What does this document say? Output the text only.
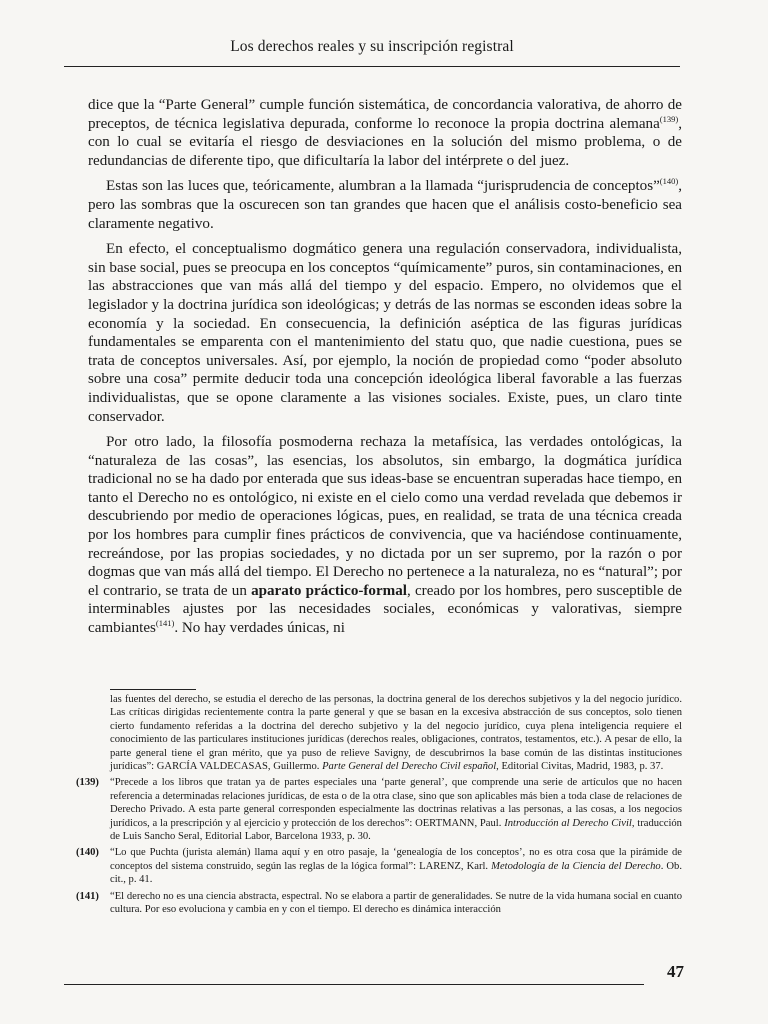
Los derechos reales y su inscripción registral

dice que la “Parte General” cumple función sistemática, de concordancia valorativa, de ahorro de preceptos, de técnica legislativa depurada, conforme lo reconoce la propia doctrina alemana$^{(139)}$, con lo cual se evitaría el riesgo de desviaciones en la solución del mismo problema, o de redundancias de diferente tipo, que dificultaría la labor del intérprete o del juez.

Estas son las luces que, teóricamente, alumbran a la llamada “jurisprudencia de conceptos”$^{(140)}$, pero las sombras que la oscurecen son tan grandes que hacen que el análisis costo-beneficio sea claramente negativo.

En efecto, el conceptualismo dogmático genera una regulación conservadora, individualista, sin base social, pues se preocupa en los conceptos “químicamente” puros, sin contaminaciones, en las abstracciones que van más allá del tiempo y del espacio. Empero, no olvidemos que el legislador y la doctrina jurídica son ideológicas; y detrás de las normas se esconden ideas sobre la economía y la sociedad. En consecuencia, la definición aséptica de las figuras jurídicas fundamentales se emparenta con el mantenimiento del statu quo, que nadie cuestiona, pues se trata de conceptos universales. Así, por ejemplo, la noción de propiedad como “poder absoluto sobre una cosa” permite deducir toda una concepción ideológica liberal favorable a las fuerzas individualistas, que se opone claramente a las visiones sociales. Existe, pues, un claro tinte conservador.

Por otro lado, la filosofía posmoderna rechaza la metafísica, las verdades ontológicas, la “naturaleza de las cosas”, las esencias, los absolutos, sin embargo, la dogmática jurídica tradicional no se ha dado por enterada que sus ideas-base se encuentran superadas hace tiempo, en tanto el Derecho no es ontológico, ni existe en el cielo como una verdad revelada que debemos ir descubriendo por medio de operaciones lógicas, pues, en realidad, se trata de una técnica creada por los hombres para cumplir fines prácticos de convivencia, que va haciéndose continuamente, recreándose, por las propias sociedades, y no dictada por un ser supremo, por la razón o por dogmas que van más allá del tiempo. El Derecho no pertenece a la naturaleza, no es “natural”; por el contrario, se trata de un aparato práctico-formal, creado por los hombres, pero susceptible de interminables ajustes por las necesidades sociales, económicas y valorativas, siempre cambiantes$^{(141)}$. No hay verdades únicas, ni

las fuentes del derecho, se estudia el derecho de las personas, la doctrina general de los derechos subjetivos y la del negocio jurídico. Las críticas dirigidas recientemente contra la parte general y que se basan en la excesiva abstracción de sus conceptos, solo tienen cierto fundamento referidas a la doctrina del derecho subjetivo y la del negocio jurídico, cuya plena inteligencia requiere el conocimiento de las particulares instituciones jurídicas (derechos reales, obligaciones, contratos, testamentos, etc.). A pesar de ello, la parte general tiene el gran mérito, que ya puso de relieve Savigny, de descubrirnos la base común de las distintas instituciones jurídicas”: GARCÍA VALDECASAS, Guillermo. Parte General del Derecho Civil español, Editorial Civitas, Madrid, 1983, p. 37.
(139)	“Precede a los libros que tratan ya de partes especiales una ‘parte general’, que comprende una serie de artículos que no hacen referencia a determinadas relaciones jurídicas, de esta o de la otra clase, sino que son aplicables más bien a toda clase de relaciones de Derecho Privado. A esta parte general corresponden especialmente las doctrinas relativas a las personas, a las cosas, a los negocios jurídicos, a la prescripción y al ejercicio y protección de los derechos”: OERTMANN, Paul. Introducción al Derecho Civil, traducción de Luis Sancho Seral, Editorial Labor, Barcelona 1933, p. 30.
(140)	“Lo que Puchta (jurista alemán) llama aquí y en otro pasaje, la ‘genealogía de los conceptos’, no es otra cosa que la pirámide de conceptos del sistema construido, según las reglas de la lógica formal”: LARENZ, Karl. Metodología de la Ciencia del Derecho. Ob. cit., p. 41.
(141)	“El derecho no es una ciencia abstracta, espectral. No se elabora a partir de generalidades. Se nutre de la vida humana social en cuanto cultura. Por eso evoluciona y cambia en y con el tiempo. El derecho es dinámica interacción
47
